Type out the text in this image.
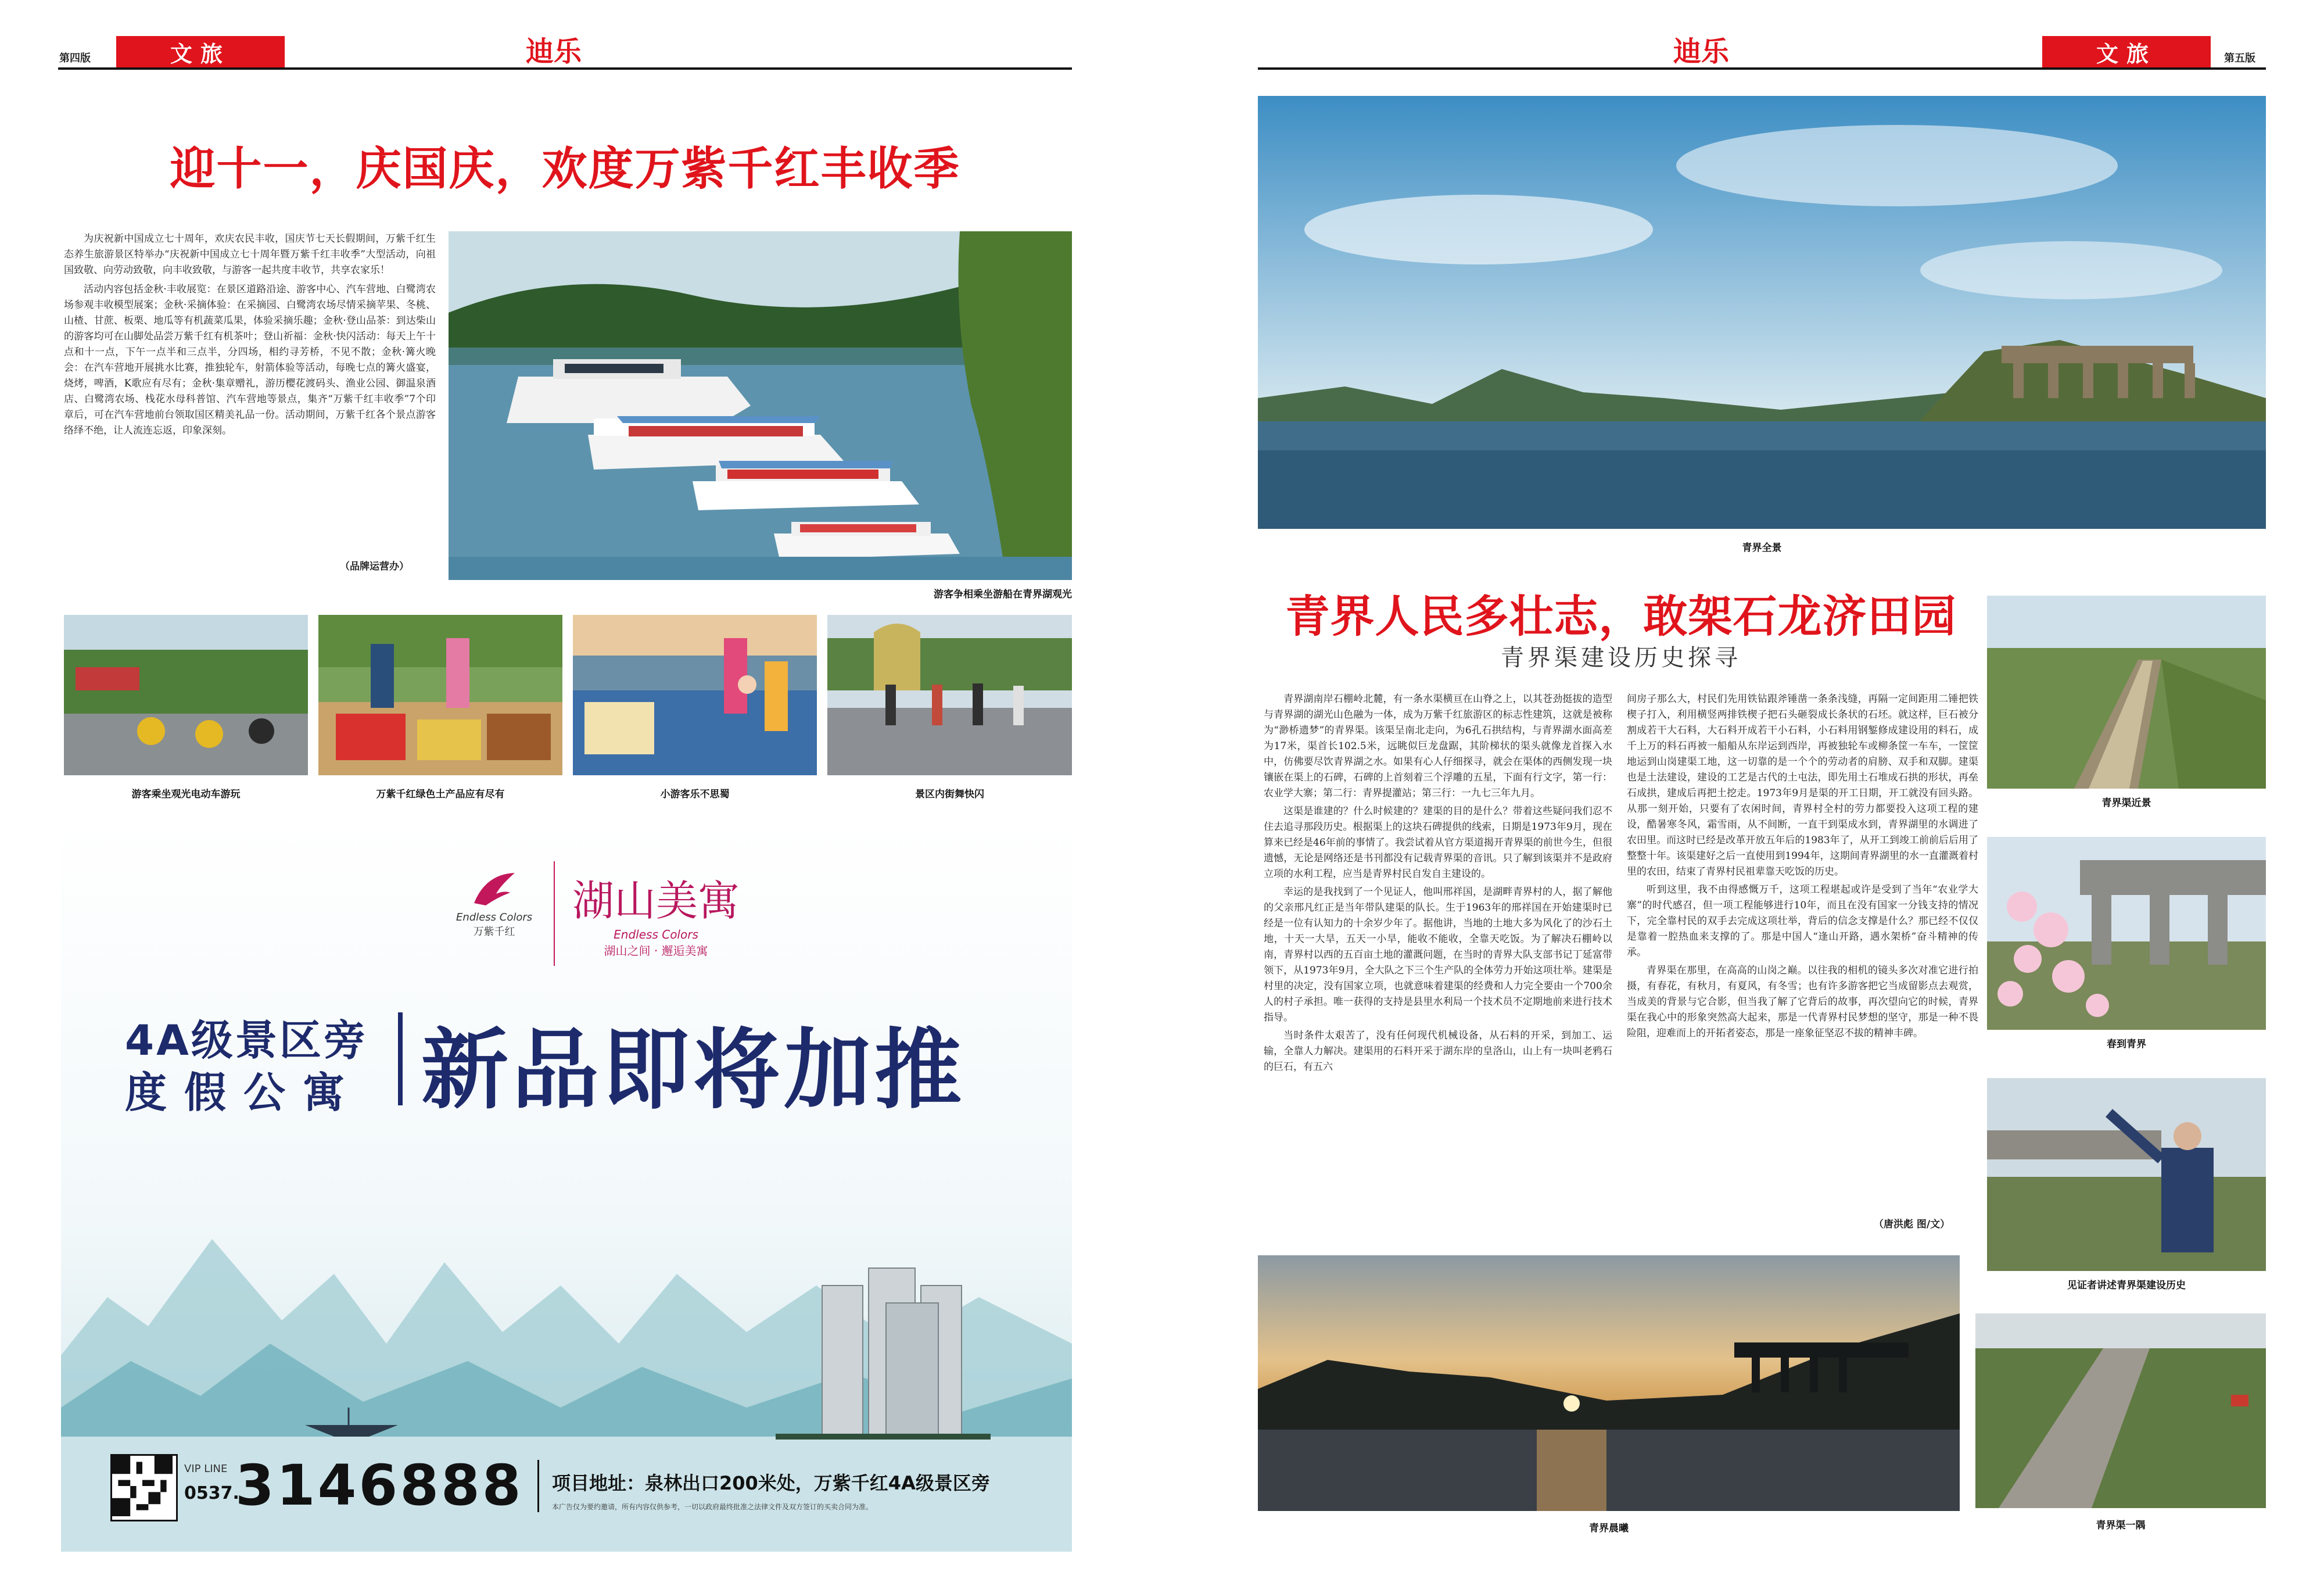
第四版	文旅	迪乐
迎十一，庆国庆，欢度万紫千红丰收季

为庆祝新中国成立七十周年，欢庆农民丰收，国庆节七天长假期间，万紫千红生态养生旅游景区特举办“庆祝新中国成立七十周年暨万紫千红丰收季”大型活动，向祖国致敬、向劳动致敬，向丰收致敬，与游客一起共度丰收节，共享农家乐！

活动内容包括金秋·丰收展览：在景区道路沿途、游客中心、汽车营地、白鹭湾农场参观丰收模型展案；金秋·采摘体验：在采摘园、白鹭湾农场尽情采摘苹果、冬桃、山楂、甘蔗、板栗、地瓜等有机蔬菜瓜果，体验采摘乐趣；金秋·登山品茶：到达柴山的游客均可在山脚处品尝万紫千红有机茶叶；登山祈福：金秋·快闪活动：每天上午十点和十一点，下午一点半和三点半，分四场，相约寻芳桥，不见不散；金秋·篝火晚会：在汽车营地开展挑水比赛，推独轮车，射箭体验等活动，每晚七点的篝火盛宴，烧烤，啤酒，K歌应有尽有；金秋·集章赠礼，游历樱花渡码头、渔业公园、御温泉酒店、白鹭湾农场、栈花水母科普馆、汽车营地等景点，集齐“万紫千红丰收季”7个印章后，可在汽车营地前台领取国区精美礼品一份。活动期间，万紫千红各个景点游客络绎不绝，让人流连忘返，印象深刻。

（品牌运营办）
游客争相乘坐游船在青界湖观光
游客乘坐观光电动车游玩	万紫千红绿色土产品应有尽有	小游客乐不思蜀	景区内街舞快闪
Endless Colors
万紫千红
湖山美寓
Endless Colors
湖山之间 · 邂逅美寓
4A级景区旁
度假公寓 新品即将加推
VIP LINE
0537.
3146888 项目地址：泉林出口200米处，万紫千红4A级景区旁
本广告仅为要约邀请，所有内容仅供参考，一切以政府最终批准之法律文件及双方签订的买卖合同为准。
迪乐	文旅	第五版
青界全景
青界人民多壮志，敢架石龙济田园
青界渠建设历史探寻

青界湖南岸石棚岭北麓，有一条水渠横亘在山脊之上，以其苍劲挺拔的造型与青界湖的湖光山色融为一体，成为万紫千红旅游区的标志性建筑，这就是被称为“渺桥遗梦”的青界渠。该渠呈南北走向，为6孔石拱结构，与青界湖水面高差为17米，渠首长102.5米，远眺似巨龙盘踞，其阶梯状的渠头就像龙首探入水中，仿佛要尽饮青界湖之水。如果有心人仔细探寻，就会在渠体的西侧发现一块镶嵌在渠上的石碑，石碑的上首刻着三个浮雕的五星，下面有行文字，第一行：农业学大寨；第二行：青界提灌站；第三行：一九七三年九月。

这渠是谁建的？什么时候建的？建渠的目的是什么？带着这些疑问我们忍不住去追寻那段历史。根据渠上的这块石碑提供的线索，日期是1973年9月，现在算来已经是46年前的事情了。我尝试着从官方渠道揭开青界渠的前世今生，但很遗憾，无论是网络还是书刊都没有记载青界渠的音讯。只了解到该渠并不是政府立项的水利工程，应当是青界村民自发自主建设的。

幸运的是我找到了一个见证人，他叫邢祥国，是湖畔青界村的人，据了解他的父亲邢凡红正是当年带队建渠的队长。生于1963年的邢祥国在开始建渠时已经是一位有认知力的十余岁少年了。据他讲，当地的土地大多为风化了的沙石土地，十天一大旱，五天一小旱，能收不能收，全靠天吃饭。为了解决石棚岭以南，青界村以西的五百亩土地的灌溉问题，在当时的青界大队支部书记丁延富带领下，从1973年9月，全大队之下三个生产队的全体劳力开始这项壮举。建渠是村里的决定，没有国家立项，也就意味着建渠的经费和人力完全要由一个700余人的村子承担。唯一获得的支持是县里水利局一个技术员不定期地前来进行技术指导。

当时条件太艰苦了，没有任何现代机械设备，从石料的开采，到加工、运输，全靠人力解决。建渠用的石料开采于湖东岸的皇洛山，山上有一块叫老鸦石的巨石，有五六

间房子那么大，村民们先用铁钻跟斧锤凿一条条浅缝，再隔一定间距用二锤把铁楔子打入，利用横竖两排铁楔子把石头砸裂成长条状的石坯。就这样，巨石被分割成若干大石料，大石料开成若干小石料，小石料用钢錾修成建设用的料石，成千上万的料石再被一船船从东岸运到西岸，再被独轮车或柳条筐一车车，一筐筐地运到山岗建渠工地，这一切靠的是一个个的劳动者的肩膀、双手和双脚。建渠也是土法建设，建设的工艺是古代的土屯法，即先用土石堆成石拱的形状，再垒石成拱，建成后再把土挖走。1973年9月是渠的开工日期，开工就没有回头路。从那一刻开始，只要有了农闲时间，青界村全村的劳力都要投入这项工程的建设，酷暑寒冬风，霜雪雨，从不间断，一直干到渠成水到，青界湖里的水调进了农田里。而这时已经是改革开放五年后的1983年了，从开工到竣工前前后后用了整整十年。该渠建好之后一直使用到1994年，这期间青界湖里的水一直灌溉着村里的农田，结束了青界村民祖辈靠天吃饭的历史。

听到这里，我不由得感慨万千，这项工程堪起或许是受到了当年“农业学大寨”的时代感召，但一项工程能够进行10年，而且在没有国家一分钱支持的情况下，完全靠村民的双手去完成这项壮举，背后的信念支撑是什么？那已经不仅仅是靠着一腔热血来支撑的了。那是中国人“逢山开路，遇水架桥”奋斗精神的传承。

青界渠在那里，在高高的山岗之巅。以往我的相机的镜头多次对准它进行拍摄，有春花，有秋月，有夏风，有冬雪；也有许多游客把它当成留影点去观赏，当成美的背景与它合影，但当我了解了它背后的故事，再次望向它的时候，青界渠在我心中的形象突然高大起来，那是一代青界村民梦想的坚守，那是一种不畏险阻，迎难而上的开拓者姿态，那是一座象征坚忍不拔的精神丰碑。

（唐洪彪 图/文）
青界渠近景
春到青界
见证者讲述青界渠建设历史
青界晨曦	青界渠一隅
